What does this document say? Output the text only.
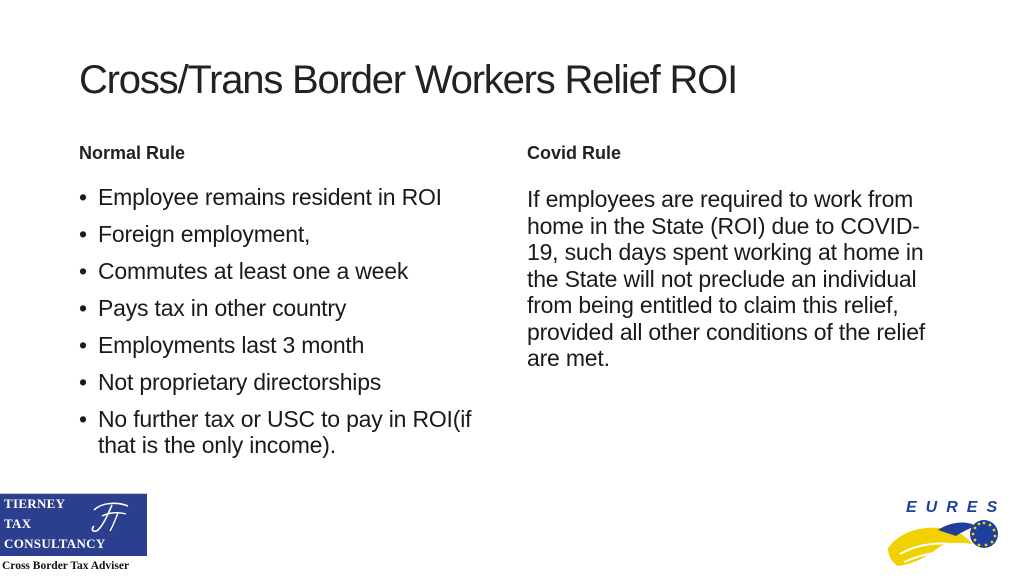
Cross/Trans Border Workers Relief ROI
Normal Rule	Covid Rule
• Employee remains resident in ROI
• Foreign employment,
• Commutes at least one a week
• Pays tax in other country
• Employments last 3 month
• Not proprietary directorships
• No further tax or USC to pay in ROI(if that is the only income).

If employees are required to work from home in the State (ROI) due to COVID-19, such days spent working at home in the State will not preclude an individual from being entitled to claim this relief, provided all other conditions of the relief are met.

TIERNEY
TAX
CONSULTANCY
Cross Border Tax Adviser
EURES
